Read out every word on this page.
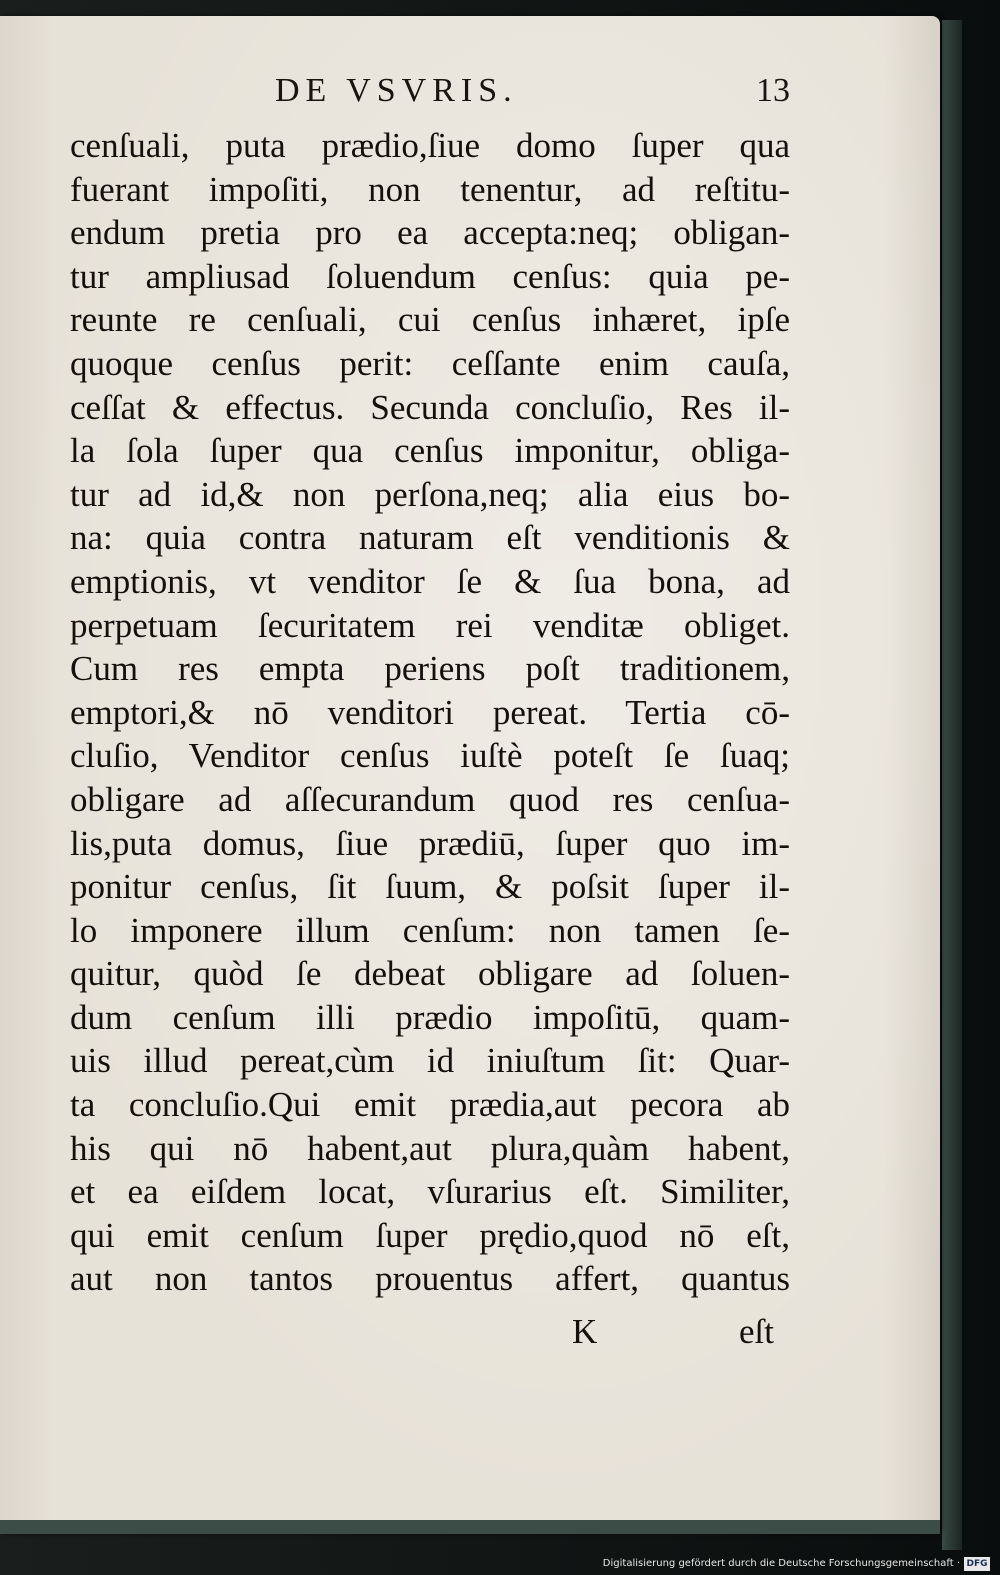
DE VSVRIS.	13
cenſuali, puta prædio,ſiue domo ſuper qua
fuerant impoſiti, non tenentur, ad reſtitu-
endum pretia pro ea accepta:neq; obligan-
tur ampliusad ſoluendum cenſus: quia pe-
reunte re cenſuali, cui cenſus inhæret, ipſe
quoque cenſus perit: ceſſante enim cauſa,
ceſſat & effectus. Secunda concluſio, Res il-
la ſola ſuper qua cenſus imponitur, obliga-
tur ad id,& non perſona,neq; alia eius bo-
na: quia contra naturam eſt venditionis &
emptionis, vt venditor ſe & ſua bona, ad
perpetuam ſecuritatem rei venditæ obliget.
Cum res empta periens poſt traditionem,
emptori,& nō venditori pereat. Tertia cō-
cluſio, Venditor cenſus iuſtè poteſt ſe ſuaq;
obligare ad aſſecurandum quod res cenſua-
lis,puta domus, ſiue prædiū, ſuper quo im-
ponitur cenſus, ſit ſuum, & poſsit ſuper il-
lo imponere illum cenſum: non tamen ſe-
quitur, quòd ſe debeat obligare ad ſoluen-
dum cenſum illi prædio impoſitū, quam-
uis illud pereat,cùm id iniuſtum ſit: Quar-
ta concluſio.Qui emit prædia,aut pecora ab
his qui nō habent,aut plura,quàm habent,
et ea eiſdem locat, vſurarius eſt. Similiter,
qui emit cenſum ſuper prędio,quod nō eſt,
aut non tantos prouentus affert, quantus
K	eſt
Digitalisierung gefördert durch die Deutsche Forschungsgemeinschaft · DFG
